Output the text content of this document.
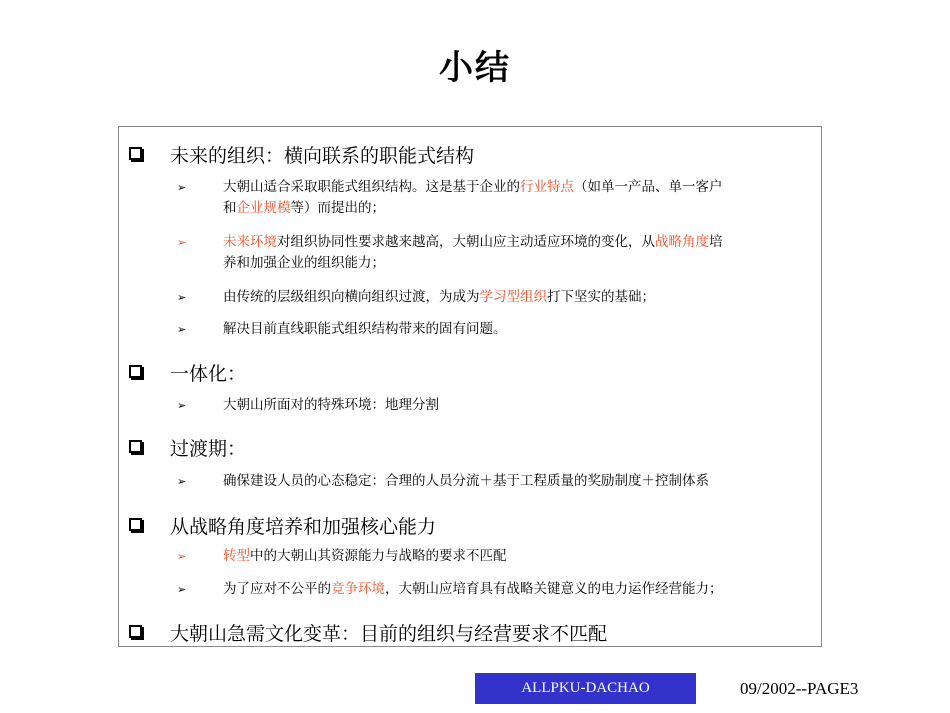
小结
未来的组织：横向联系的职能式结构
➢	大朝山适合采取职能式组织结构。这是基于企业的行业特点（如单一产品、单一客户
和企业规模等）而提出的；
➢	未来环境对组织协同性要求越来越高，大朝山应主动适应环境的变化，从战略角度培
养和加强企业的组织能力；
➢	由传统的层级组织向横向组织过渡，为成为学习型组织打下坚实的基础；
➢	解决目前直线职能式组织结构带来的固有问题。
一体化：
➢	大朝山所面对的特殊环境：地理分割
过渡期：
➢	确保建设人员的心态稳定：合理的人员分流＋基于工程质量的奖励制度＋控制体系
从战略角度培养和加强核心能力
➢	转型中的大朝山其资源能力与战略的要求不匹配
➢	为了应对不公平的竞争环境，大朝山应培育具有战略关键意义的电力运作经营能力；
大朝山急需文化变革：目前的组织与经营要求不匹配
ALLPKU-DACHAO	09/2002--PAGE3
